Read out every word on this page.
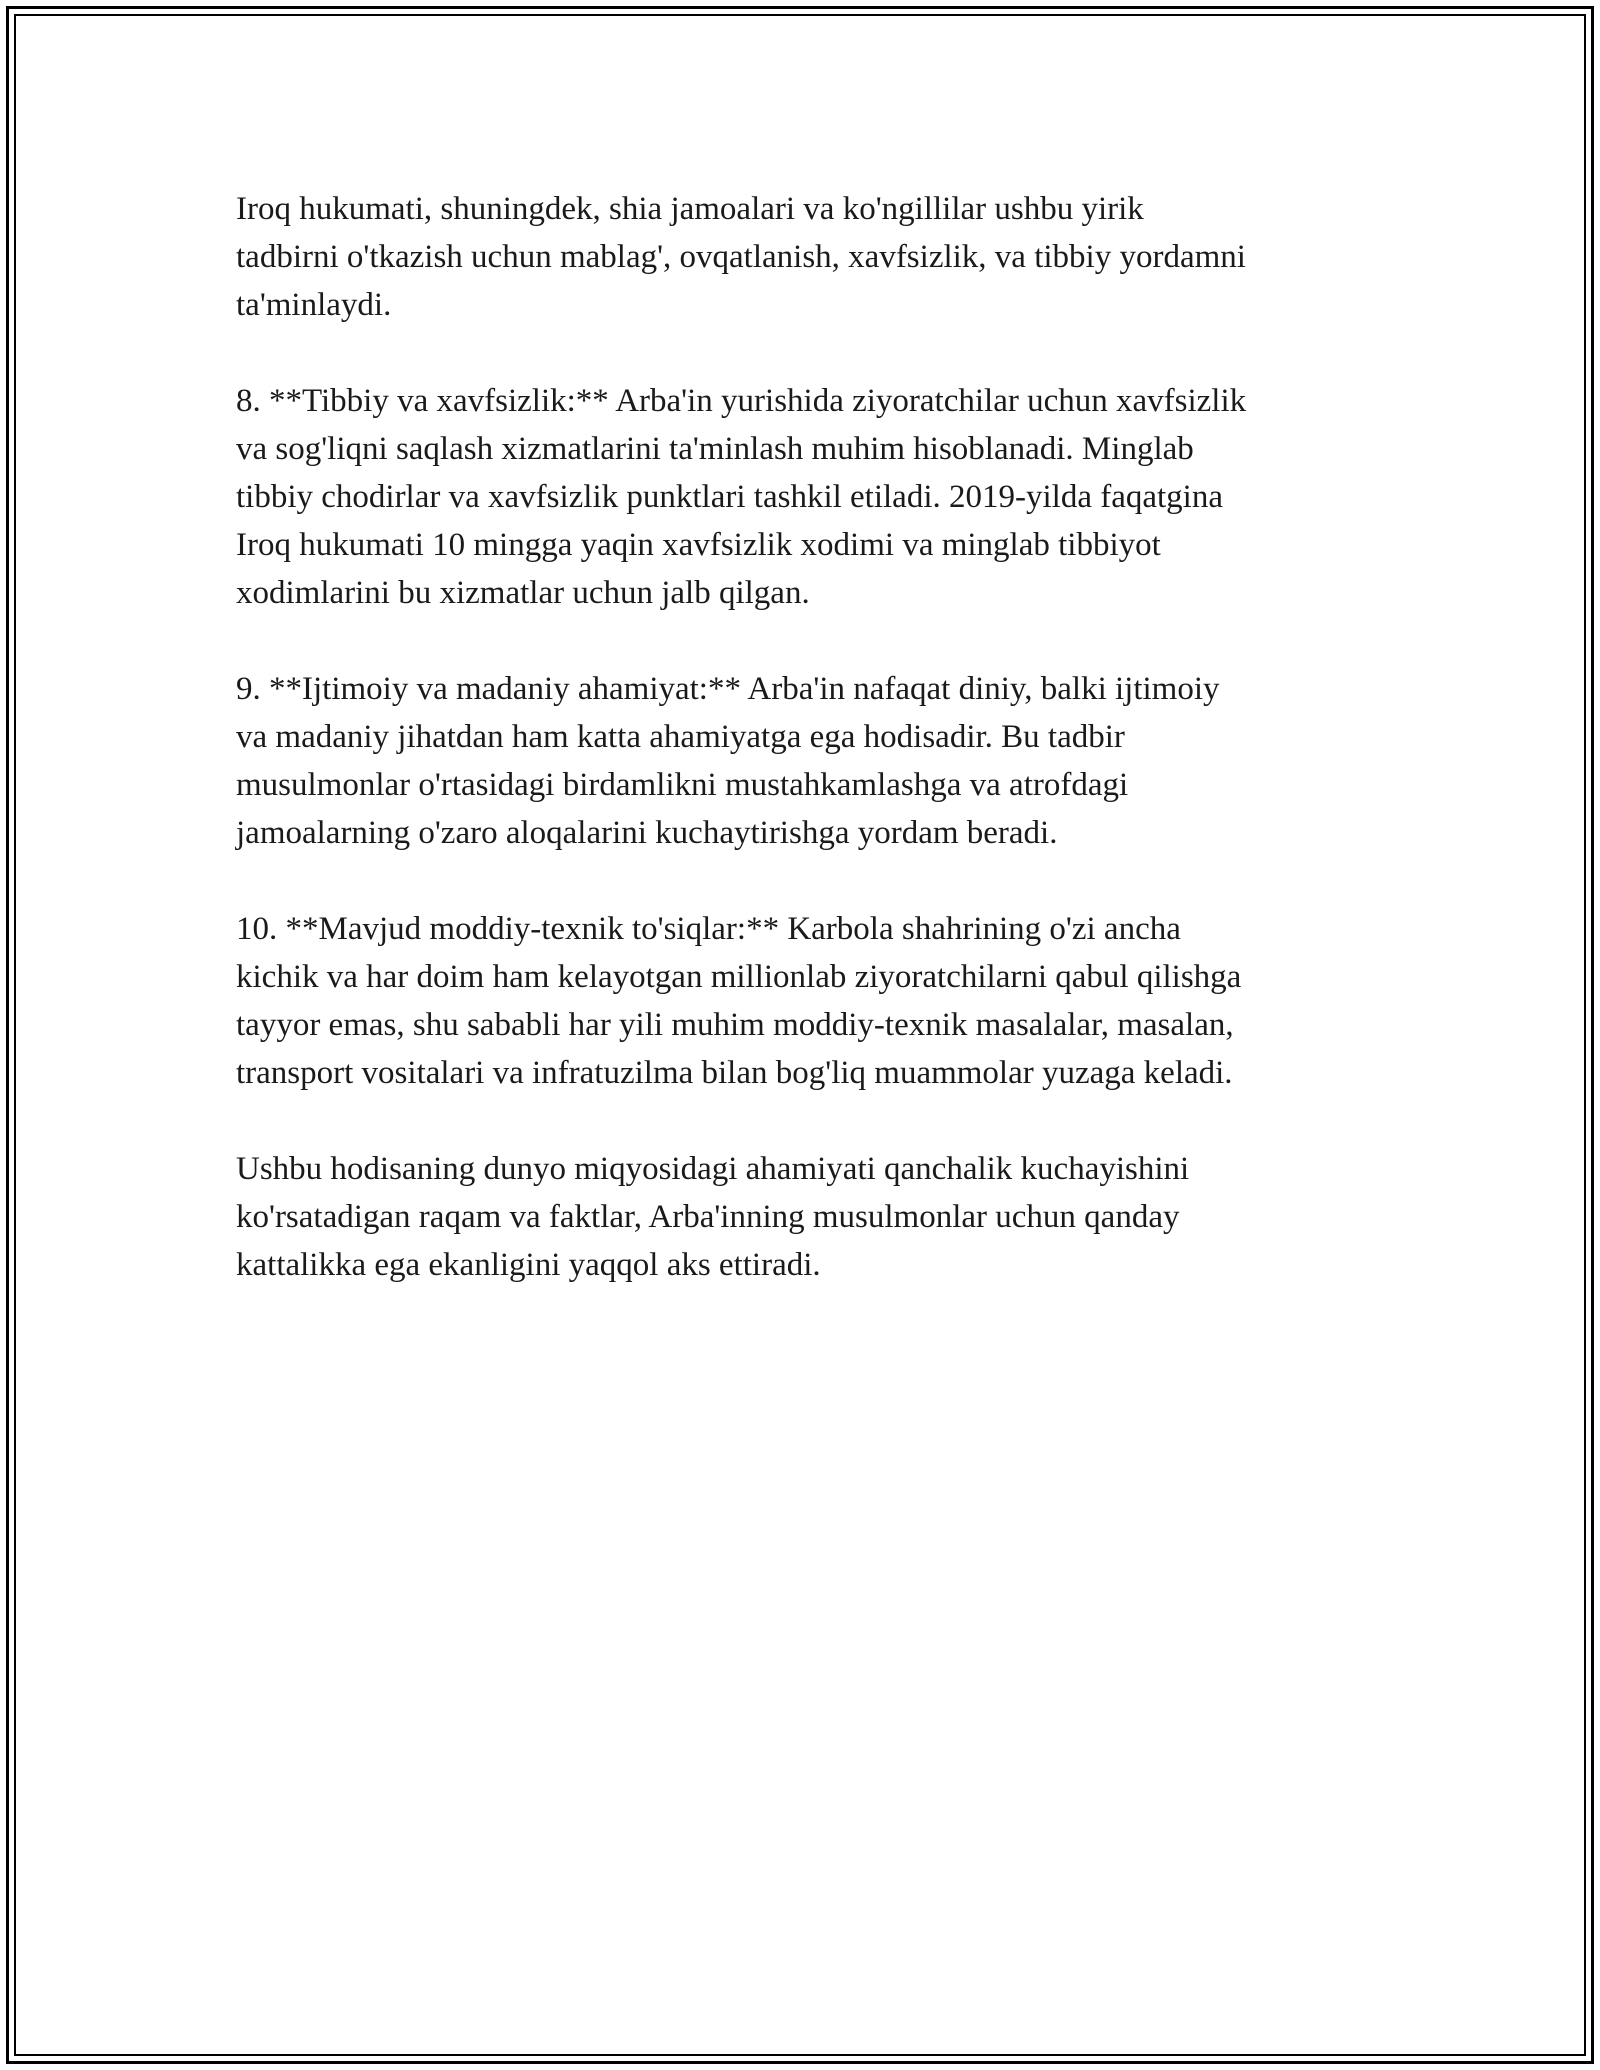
Iroq hukumati, shuningdek, shia jamoalari va ko'ngillilar ushbu yirik
tadbirni o'tkazish uchun mablag', ovqatlanish, xavfsizlik, va tibbiy yordamni
ta'minlaydi.

8. **Tibbiy va xavfsizlik:** Arba'in yurishida ziyoratchilar uchun xavfsizlik
va sog'liqni saqlash xizmatlarini ta'minlash muhim hisoblanadi. Minglab
tibbiy chodirlar va xavfsizlik punktlari tashkil etiladi. 2019-yilda faqatgina
Iroq hukumati 10 mingga yaqin xavfsizlik xodimi va minglab tibbiyot
xodimlarini bu xizmatlar uchun jalb qilgan.

9. **Ijtimoiy va madaniy ahamiyat:** Arba'in nafaqat diniy, balki ijtimoiy
va madaniy jihatdan ham katta ahamiyatga ega hodisadir. Bu tadbir
musulmonlar o'rtasidagi birdamlikni mustahkamlashga va atrofdagi
jamoalarning o'zaro aloqalarini kuchaytirishga yordam beradi.

10. **Mavjud moddiy-texnik to'siqlar:** Karbola shahrining o'zi ancha
kichik va har doim ham kelayotgan millionlab ziyoratchilarni qabul qilishga
tayyor emas, shu sababli har yili muhim moddiy-texnik masalalar, masalan,
transport vositalari va infratuzilma bilan bog'liq muammolar yuzaga keladi.

Ushbu hodisaning dunyo miqyosidagi ahamiyati qanchalik kuchayishini
ko'rsatadigan raqam va faktlar, Arba'inning musulmonlar uchun qanday
kattalikka ega ekanligini yaqqol aks ettiradi.
